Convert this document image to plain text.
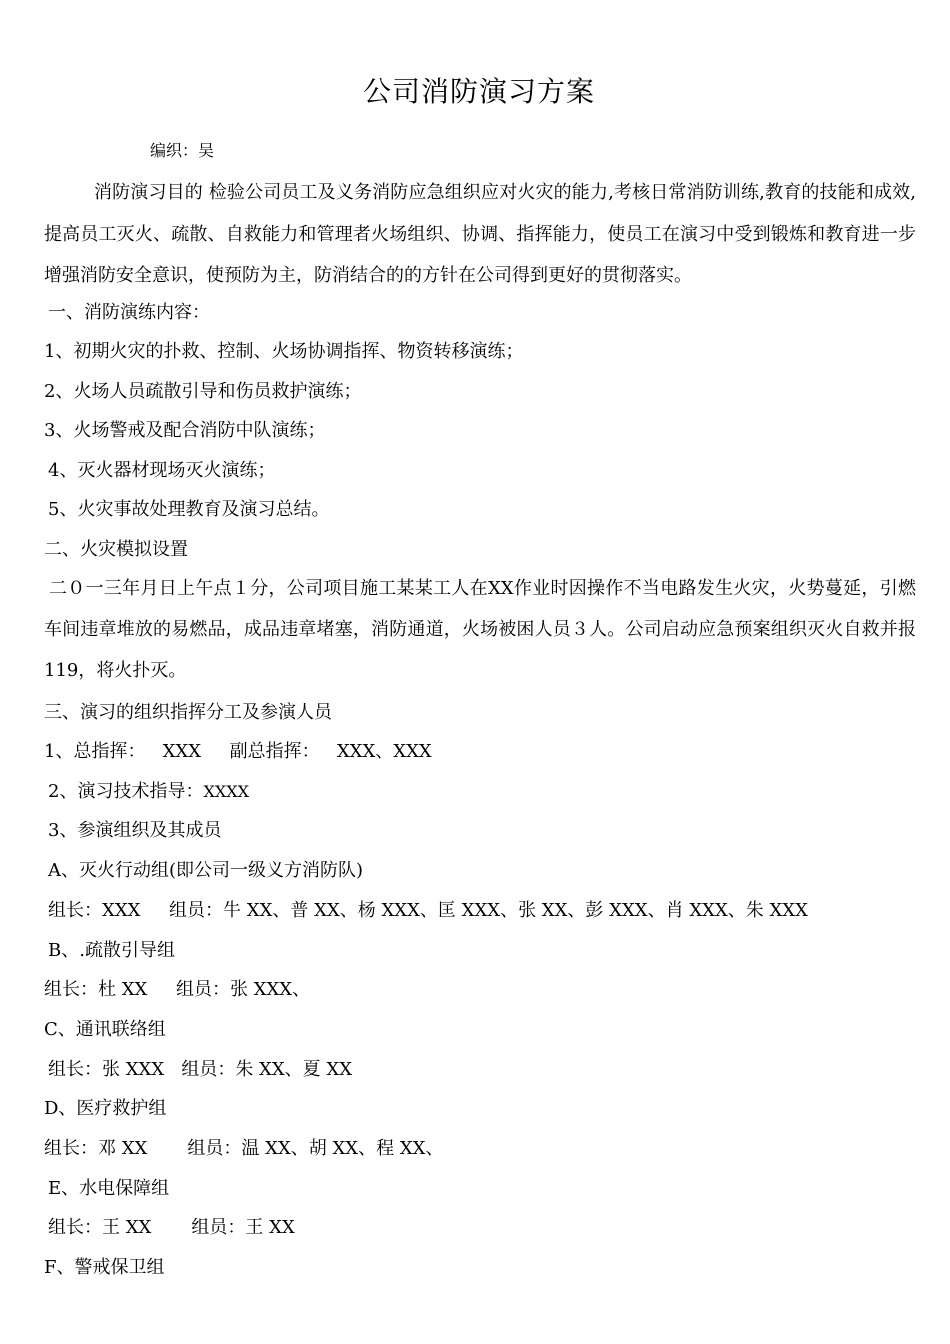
公司消防演习方案
编织：吴
消防演习目的 检验公司员工及义务消防应急组织应对火灾的能力,考核日常消防训练,教育的技能和成效,提高员工灭火、疏散、自救能力和管理者火场组织、协调、指挥能力，使员工在演习中受到锻炼和教育进一步增强消防安全意识，使预防为主，防消结合的的方针在公司得到更好的贯彻落实。
一、消防演练内容：
1、初期火灾的扑救、控制、火场协调指挥、物资转移演练；
2、火场人员疏散引导和伤员救护演练；
3、火场警戒及配合消防中队演练；
4、灭火器材现场灭火演练；
5、火灾事故处理教育及演习总结。
二、火灾模拟设置
二０一三年月日上午点１分，公司项目施工某某工人在XX作业时因操作不当电路发生火灾，火势蔓延，引燃车间违章堆放的易燃品，成品违章堵塞，消防通道，火场被困人员３人。公司启动应急预案组织灭火自救并报119，将火扑灭。
三、演习的组织指挥分工及参演人员
1、总指挥：   XXX     副总指挥：   XXX、XXX
2、演习技术指导：XXXX
3、参演组织及其成员
A、灭火行动组(即公司一级义方消防队)
组长：XXX     组员：牛 XX、普 XX、杨 XXX、匡 XXX、张 XX、彭 XXX、肖 XXX、朱 XXX
B、.疏散引导组
组长：杜 XX     组员：张 XXX、
C、通讯联络组
组长：张 XXX   组员：朱 XX、夏 XX
D、医疗救护组
组长：邓 XX       组员：温 XX、胡 XX、程 XX、
E、水电保障组
组长：王 XX       组员：王 XX
F、警戒保卫组
